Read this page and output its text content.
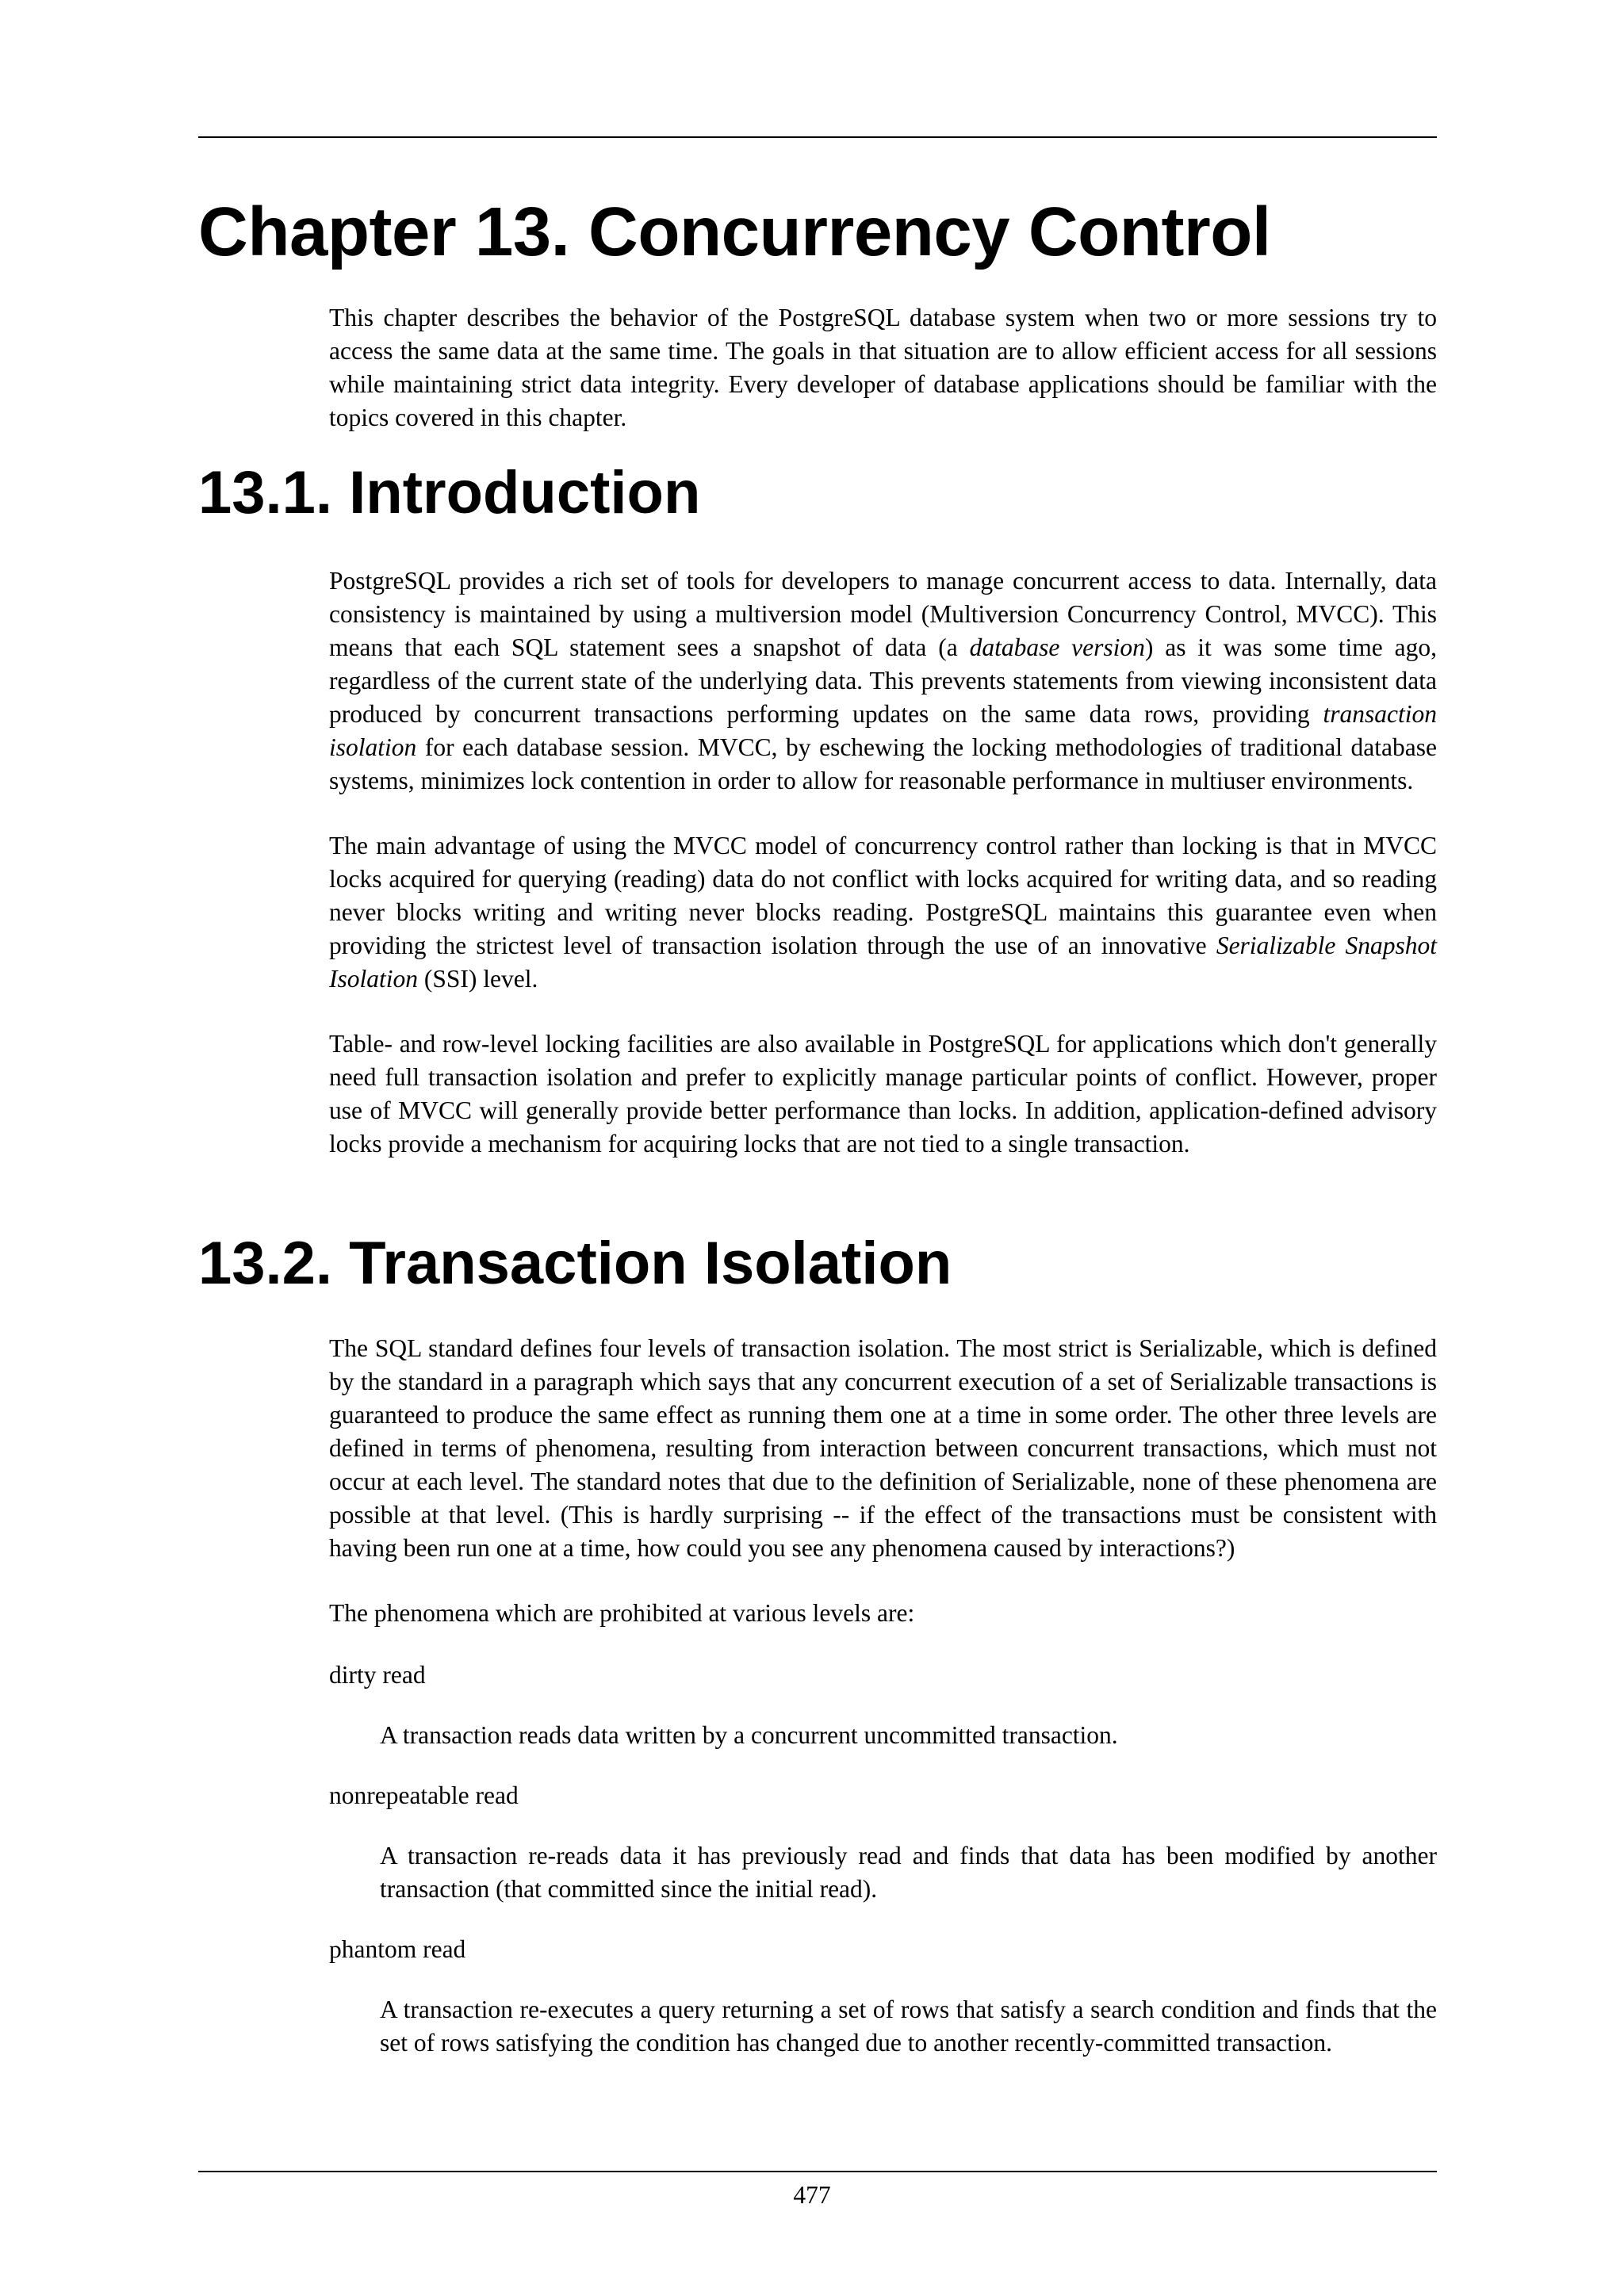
Chapter 13. Concurrency Control

This chapter describes the behavior of the PostgreSQL database system when two or more sessions try to access the same data at the same time. The goals in that situation are to allow efficient access for all sessions while maintaining strict data integrity. Every developer of database applications should be familiar with the topics covered in this chapter.

13.1. Introduction

PostgreSQL provides a rich set of tools for developers to manage concurrent access to data. Internally, data consistency is maintained by using a multiversion model (Multiversion Concurrency Control, MVCC). This means that each SQL statement sees a snapshot of data (a database version) as it was some time ago, regardless of the current state of the underlying data. This prevents statements from viewing inconsistent data produced by concurrent transactions performing updates on the same data rows, providing transaction isolation for each database session. MVCC, by eschewing the locking methodologies of traditional database systems, minimizes lock contention in order to allow for reasonable performance in multiuser environments.

The main advantage of using the MVCC model of concurrency control rather than locking is that in MVCC locks acquired for querying (reading) data do not conflict with locks acquired for writing data, and so reading never blocks writing and writing never blocks reading. PostgreSQL maintains this guarantee even when providing the strictest level of transaction isolation through the use of an innovative Serializable Snapshot Isolation (SSI) level.

Table- and row-level locking facilities are also available in PostgreSQL for applications which don't generally need full transaction isolation and prefer to explicitly manage particular points of conflict. However, proper use of MVCC will generally provide better performance than locks. In addition, application-defined advisory locks provide a mechanism for acquiring locks that are not tied to a single transaction.

13.2. Transaction Isolation

The SQL standard defines four levels of transaction isolation. The most strict is Serializable, which is defined by the standard in a paragraph which says that any concurrent execution of a set of Serializable transactions is guaranteed to produce the same effect as running them one at a time in some order. The other three levels are defined in terms of phenomena, resulting from interaction between concurrent transactions, which must not occur at each level. The standard notes that due to the definition of Serializable, none of these phenomena are possible at that level. (This is hardly surprising -- if the effect of the transactions must be consistent with having been run one at a time, how could you see any phenomena caused by interactions?)

The phenomena which are prohibited at various levels are:

dirty read
A transaction reads data written by a concurrent uncommitted transaction.
nonrepeatable read
A transaction re-reads data it has previously read and finds that data has been modified by another transaction (that committed since the initial read).
phantom read
A transaction re-executes a query returning a set of rows that satisfy a search condition and finds that the set of rows satisfying the condition has changed due to another recently-committed transaction.
477
